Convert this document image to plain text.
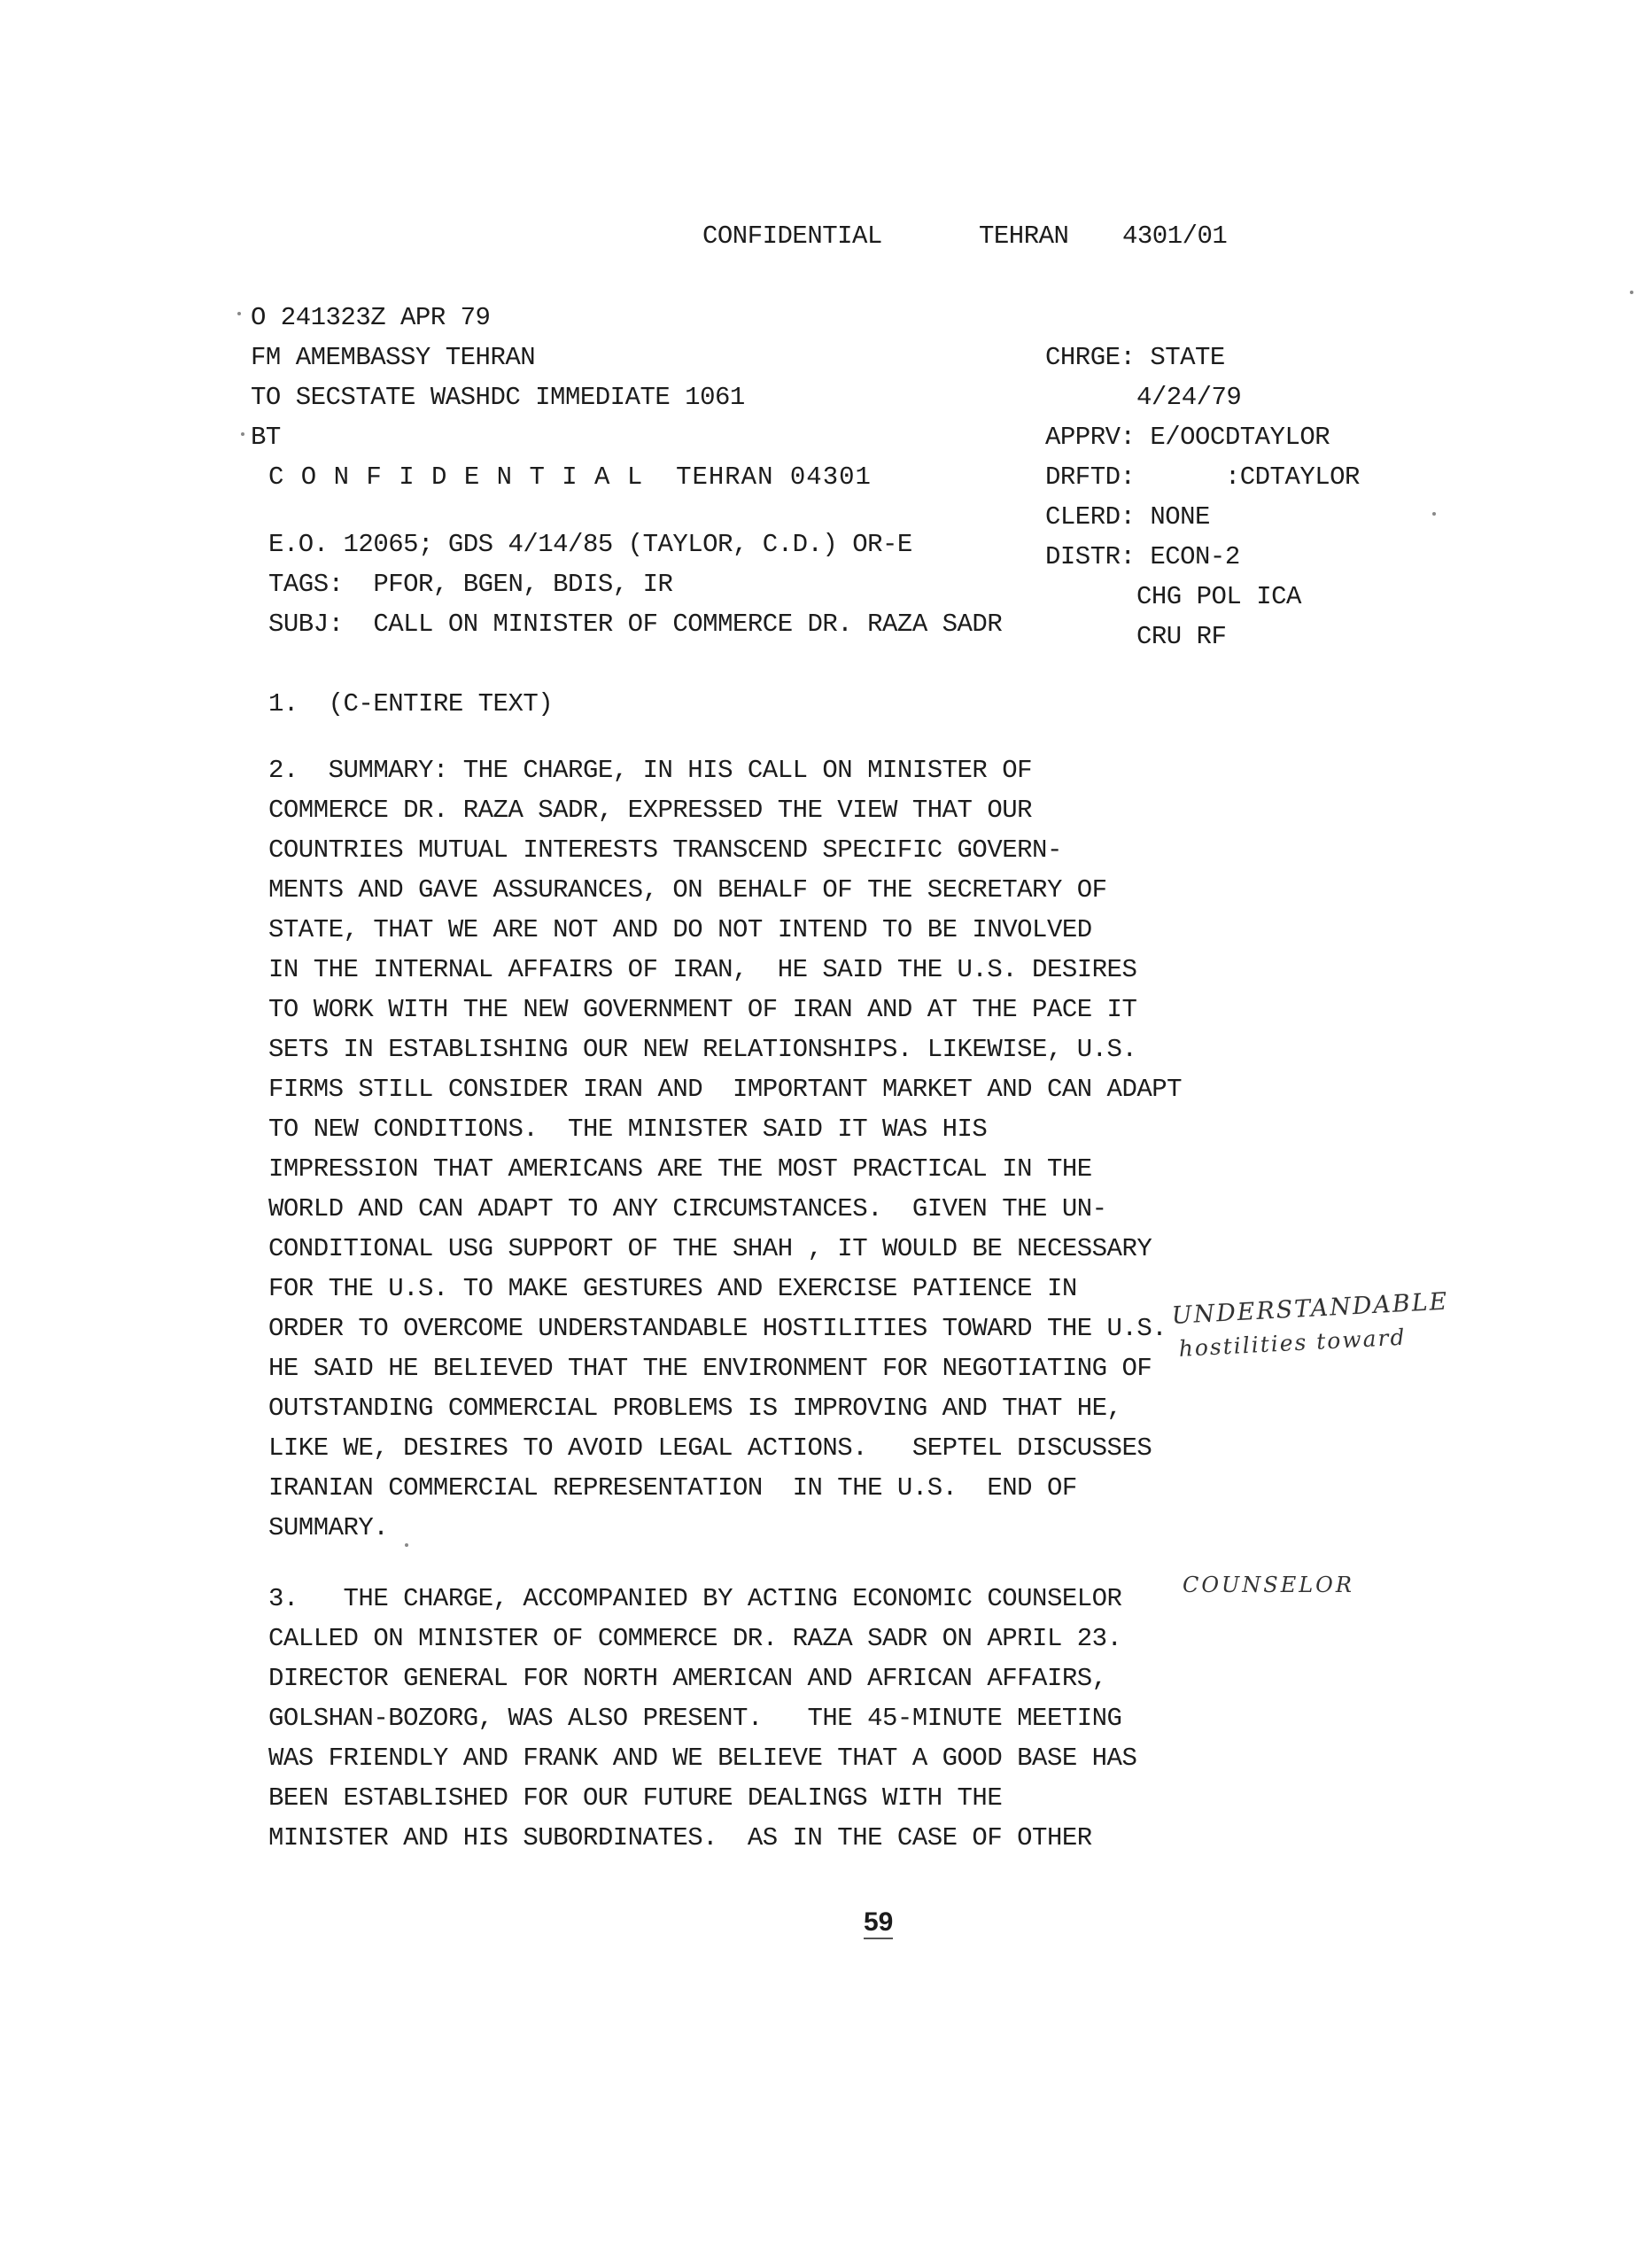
CONFIDENTIAL	TEHRAN 4301/01
O 241323Z APR 79
FM AMEMBASSY TEHRAN
TO SECSTATE WASHDC IMMEDIATE 1061
BT
C O N F I D E N T I A L  TEHRAN 04301
CHRGE: STATE
4/24/79
APPRV: E/OOCDTAYLOR
DRFTD:      :CDTAYLOR
CLERD: NONE
DISTR: ECON-2
CHG POL ICA
CRU RF
E.O. 12065; GDS 4/14/85 (TAYLOR, C.D.) OR-E
TAGS:  PFOR, BGEN, BDIS, IR
SUBJ:  CALL ON MINISTER OF COMMERCE DR. RAZA SADR
1.  (C-ENTIRE TEXT)
2.  SUMMARY: THE CHARGE, IN HIS CALL ON MINISTER OF
COMMERCE DR. RAZA SADR, EXPRESSED THE VIEW THAT OUR
COUNTRIES MUTUAL INTERESTS TRANSCEND SPECIFIC GOVERN-
MENTS AND GAVE ASSURANCES, ON BEHALF OF THE SECRETARY OF
STATE, THAT WE ARE NOT AND DO NOT INTEND TO BE INVOLVED
IN THE INTERNAL AFFAIRS OF IRAN,  HE SAID THE U.S. DESIRES
TO WORK WITH THE NEW GOVERNMENT OF IRAN AND AT THE PACE IT
SETS IN ESTABLISHING OUR NEW RELATIONSHIPS. LIKEWISE, U.S.
FIRMS STILL CONSIDER IRAN AND  IMPORTANT MARKET AND CAN ADAPT
TO NEW CONDITIONS.  THE MINISTER SAID IT WAS HIS
IMPRESSION THAT AMERICANS ARE THE MOST PRACTICAL IN THE
WORLD AND CAN ADAPT TO ANY CIRCUMSTANCES.  GIVEN THE UN-
CONDITIONAL USG SUPPORT OF THE SHAH , IT WOULD BE NECESSARY
FOR THE U.S. TO MAKE GESTURES AND EXERCISE PATIENCE IN
ORDER TO OVERCOME UNDERSTANDABLE HOSTILITIES TOWARD THE U.S.
HE SAID HE BELIEVED THAT THE ENVIRONMENT FOR NEGOTIATING OF
OUTSTANDING COMMERCIAL PROBLEMS IS IMPROVING AND THAT HE,
LIKE WE, DESIRES TO AVOID LEGAL ACTIONS.   SEPTEL DISCUSSES
IRANIAN COMMERCIAL REPRESENTATION  IN THE U.S.  END OF
SUMMARY.
3.   THE CHARGE, ACCOMPANIED BY ACTING ECONOMIC COUNSELOR
CALLED ON MINISTER OF COMMERCE DR. RAZA SADR ON APRIL 23.
DIRECTOR GENERAL FOR NORTH AMERICAN AND AFRICAN AFFAIRS,
GOLSHAN-BOZORG, WAS ALSO PRESENT.   THE 45-MINUTE MEETING
WAS FRIENDLY AND FRANK AND WE BELIEVE THAT A GOOD BASE HAS
BEEN ESTABLISHED FOR OUR FUTURE DEALINGS WITH THE
MINISTER AND HIS SUBORDINATES.  AS IN THE CASE OF OTHER
UNDERSTANDABLE
hostilities toward
COUNSELOR
59
